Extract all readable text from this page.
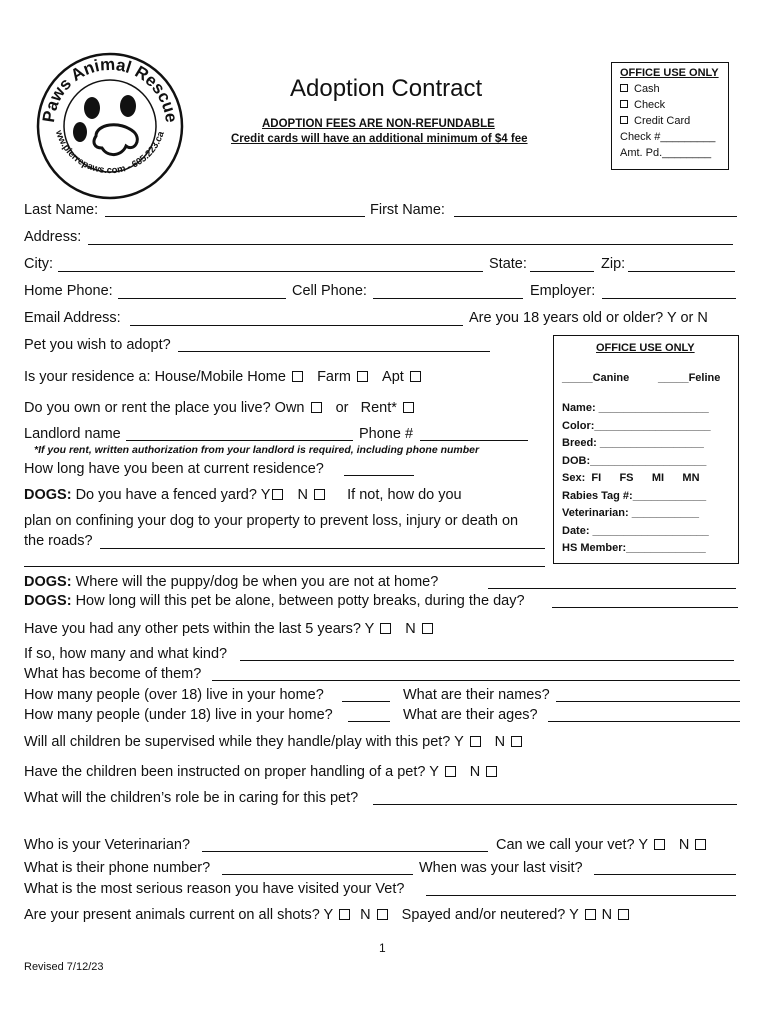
Paws Animal Rescue
ww.pierrepaws.com - 605.223.ca
Adoption Contract
ADOPTION FEES ARE NON-REFUNDABLE
Credit cards will have an additional minimum of $4 fee
OFFICE USE ONLY
Cash
Check
Credit Card
Check #_________
Amt. Pd.________
Last Name:	First Name:
Address:
City:	State:	Zip:
Home Phone:	Cell Phone:	Employer:
Email Address:	Are you 18 years old or older? Y or N
Pet you wish to adopt?
Is your residence a: House/Mobile Home Farm Apt
Do you own or rent the place you live? Own or Rent*
Landlord name	Phone #
*If you rent, written authorization from your landlord is required, including phone number
How long have you been at current residence?
DOGS: Do you have a fenced yard? Y N	If not, how do you
plan on confining your dog to your property to prevent loss, injury or death on
the roads?
OFFICE USE ONLY
_____Canine	_____Feline
Name: __________________
Color:___________________
Breed: _________________
DOB:___________________
Sex:  FI      FS      MI      MN
Rabies Tag #:____________
Veterinarian: ___________
Date: ___________________
HS Member:_____________
DOGS: Where will the puppy/dog be when you are not at home?
DOGS: How long will this pet be alone, between potty breaks, during the day?
Have you had any other pets within the last 5 years? Y N
If so, how many and what kind?
What has become of them?
How many people (over 18) live in your home?	What are their names?
How many people (under 18) live in your home?	What are their ages?
Will all children be supervised while they handle/play with this pet? Y N
Have the children been instructed on proper handling of a pet? Y N
What will the children’s role be in caring for this pet?
Who is your Veterinarian?	Can we call your vet? Y N
What is their phone number?	When was your last visit?
What is the most serious reason you have visited your Vet?
Are your present animals current on all shots? Y N Spayed and/or neutered? Y N
1
Revised 7/12/23
